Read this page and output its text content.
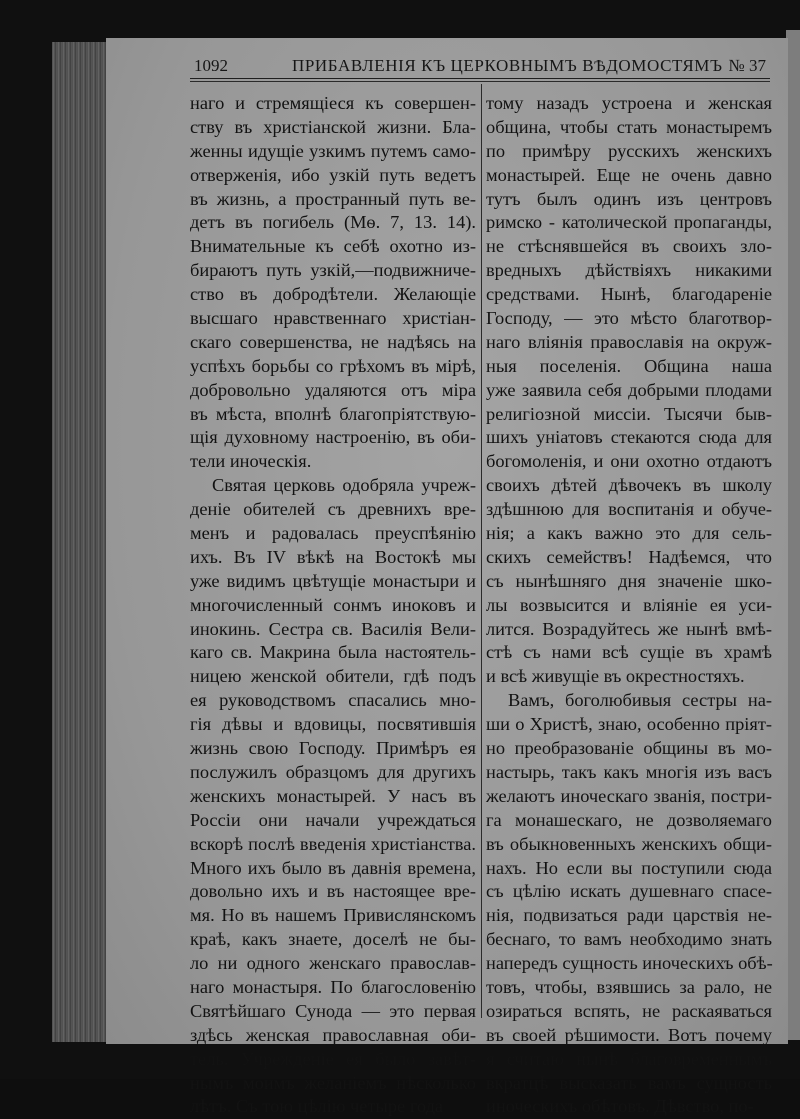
1092	ПРИБАВЛЕНІЯ КЪ ЦЕРКОВНЫМЪ ВѢДОМОСТЯМЪ № 37
наго и стремящіеся къ совершен-
ству въ христіанской жизни. Бла-
женны идущіе узкимъ путемъ само-
отверженія, ибо узкій путь ведетъ
въ жизнь, а пространный путь ве-
детъ въ погибель (Мѳ. 7, 13. 14).
Внимательные къ себѣ охотно из-
бираютъ путь узкій,—подвижничe-
ство въ добродѣтели. Желающіе
высшаго нравственнаго христіан-
скаго совершенства, не надѣясь на
успѣхъ борьбы со грѣхомъ въ мірѣ,
добровольно удаляются отъ міра
въ мѣста, вполнѣ благопріятствую-
щія духовному настроенію, въ оби-
тели иноческія.
Святая церковь одобряла учреж-
деніе обителей съ древнихъ вре-
менъ и радовалась преуспѣянію
ихъ. Въ IV вѣкѣ на Востокѣ мы
уже видимъ цвѣтущіе монастыри и
многочисленный сонмъ иноковъ и
инокинь. Сестра св. Василія Вели-
каго св. Макрина была настоятель-
ницею женской обители, гдѣ подъ
ея руководствомъ спасались мно-
гія дѣвы и вдовицы, посвятившія
жизнь свою Господу. Примѣръ ея
послужилъ образцомъ для другихъ
женскихъ монастырей. У насъ въ
Россіи они начали учреждаться
вскорѣ послѣ введенія христіанства.
Много ихъ было въ давнія времена,
довольно ихъ и въ настоящее вре-
мя. Но въ нашемъ Привислянскомъ
краѣ, какъ знаете, доселѣ не бы-
ло ни одного женскаго православ-
наго монастыря. По благословенію
Святѣйшаго Сунода — это первая
здѣсь женская православная оби-
тель. Учрежденіе ея было завѣт-
нымъ моимъ желаніемъ нѣсколько
лѣтъ. Съ тою цѣлію четыре года
тому назадъ устроена и женская
община, чтобы стать монастыремъ
по примѣру русскихъ женскихъ
монастырей. Еще не очень давно
тутъ былъ одинъ изъ центровъ
римско - католической пропаганды,
не стѣснявшейся въ своихъ зло-
вредныхъ дѣйствіяхъ никакими
средствами. Нынѣ, благодареніе
Господу, — это мѣсто благотвор-
наго вліянія православія на окруж-
ныя поселенія. Община наша
уже заявила себя добрыми плодами
религіозной миссіи. Тысячи быв-
шихъ уніатовъ стекаются сюда для
богомоленія, и они охотно отдаютъ
своихъ дѣтей дѣвочекъ въ школу
здѣшнюю для воспитанія и обуче-
нія; а какъ важно это для сель-
скихъ семействъ! Надѣемся, что
съ нынѣшняго дня значеніе шко-
лы возвысится и вліяніе ея уси-
лится. Возрадуйтесь же нынѣ вмѣ-
стѣ съ нами всѣ сущіе въ храмѣ
и всѣ живущіе въ окрестностяхъ.
Вамъ, боголюбивыя сестры на-
ши о Христѣ, знаю, особенно пріят-
но преобразованіе общины въ мо-
настырь, такъ какъ многія изъ васъ
желаютъ иноческаго званія, постри-
га монашескаго, не дозволяемаго
въ обыкновенныхъ женскихъ общи-
нахъ. Но если вы поступили сюда
съ цѣлію искать душевнаго спасе-
нія, подвизаться ради царствія не-
беснаго, то вамъ необходимо знать
напередъ сущность иноческихъ обѣ-
товъ, чтобы, взявшись за рало, не
озираться вспять, не раскаяваться
въ своей рѣшимости. Вотъ почему
я считаю нынѣ благовременнымъ
вкратцѣ высказать вамъ сущность
иноческихъ обѣтовъ. Дѣвство, по-
